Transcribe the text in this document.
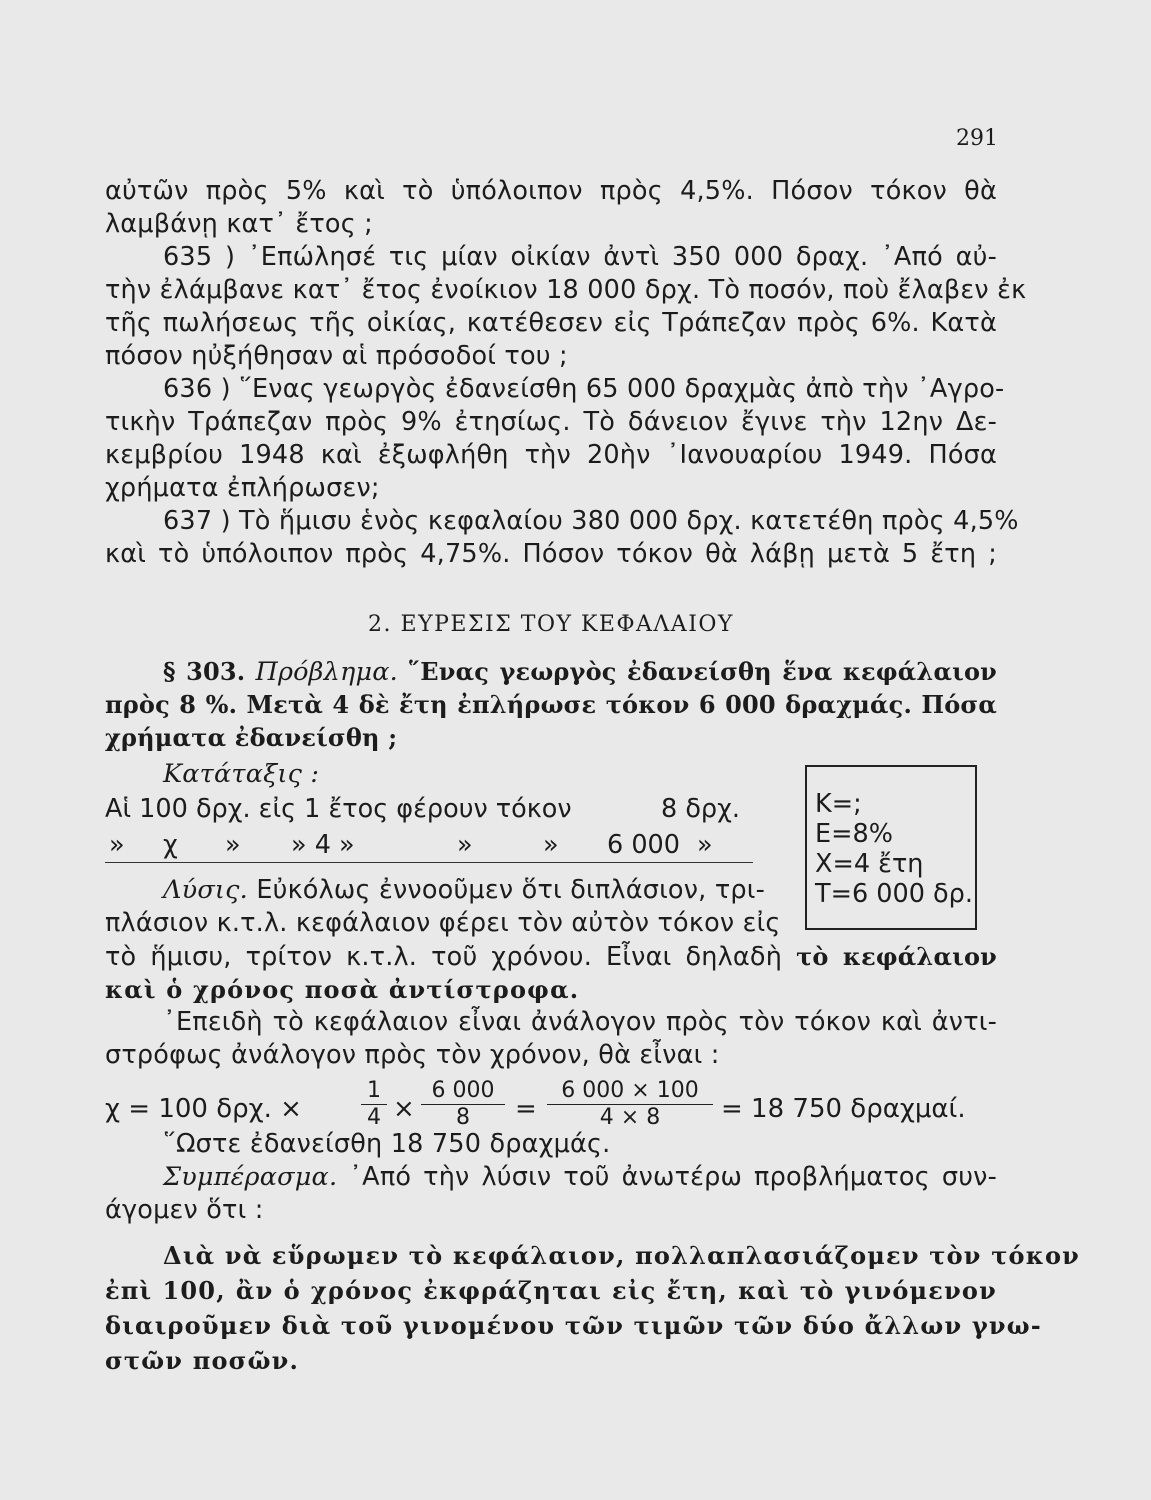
291
αὐτῶν πρὸς 5% καὶ τὸ ὑπόλοιπον πρὸς 4,5%. Πόσον τόκον θὰ
λαμβάνῃ κατ᾽ ἔτος ;
635 ) ᾽Επώλησέ τις μίαν οἰκίαν ἀντὶ 350 000 δραχ. ᾽Από αὐ-
τὴν ἐλάμβανε κατ᾽ ἔτος ἐνοίκιον 18 000 δρχ. Τὸ ποσόν, ποὺ ἔλαβεν ἐκ
τῆς πωλήσεως τῆς οἰκίας, κατέθεσεν εἰς Τράπεζαν πρὸς 6%. Κατὰ
πόσον ηὐξήθησαν αἱ πρόσοδοί του ;
636 ) ῞Ενας γεωργὸς ἐδανείσθη 65 000 δραχμὰς ἀπὸ τὴν ᾽Αγρο-
τικὴν Τράπεζαν πρὸς 9% ἐτησίως. Τὸ δάνειον ἔγινε τὴν 12ην Δε-
κεμβρίου 1948 καὶ ἐξωφλήθη τὴν 20ὴν ᾽Ιανουαρίου 1949. Πόσα
χρήματα ἐπλήρωσεν;
637 ) Τὸ ἥμισυ ἑνὸς κεφαλαίου 380 000 δρχ. κατετέθη πρὸς 4,5%
καὶ τὸ ὑπόλοιπον πρὸς 4,75%. Πόσον τόκον θὰ λάβῃ μετὰ 5 ἔτη ;
2. ΕΥΡΕΣΙΣ ΤΟΥ ΚΕΦΑΛΑΙΟΥ
§ 303. Πρόβλημα. ῞Ενας γεωργὸς ἐδανείσθη ἕνα κεφάλαιον
πρὸς 8 %. Μετὰ 4 δὲ ἔτη ἐπλήρωσε τόκον 6 000 δραχμάς. Πόσα
χρήματα ἐδανείσθη ;
Κατάταξις :
Αἱ 100 δρχ. εἰς 1 ἔτος φέρουν τόκον	8 δρχ.
» χ » » 4 »	»	» 6 000 »
Κ=;
Ε=8%
Χ=4 ἔτη
Τ=6 000 δρ.
Λύσις. Εὐκόλως ἐννοοῦμεν ὅτι διπλάσιον, τρι-
πλάσιον κ.τ.λ. κεφάλαιον φέρει τὸν αὐτὸν τόκον εἰς
τὸ ἥμισυ, τρίτον κ.τ.λ. τοῦ χρόνου. Εἶναι δηλαδὴ τὸ κεφάλαιον
καὶ ὁ χρόνος ποσὰ ἀντίστροφα.
᾽Επειδὴ τὸ κεφάλαιον εἶναι ἀνάλογον πρὸς τὸν τόκον καὶ ἀντι-
στρόφως ἀνάλογον πρὸς τὸν χρόνον, θὰ εἶναι :
χ = 100 δρχ. ×	$\frac{1}{4} \times \frac{6 000}{8} = \frac{6 000 \times 100}{4 \times 8} = 18$ 750 δραχμαί.
῞Ωστε ἐδανείσθη 18 750 δραχμάς.
Συμπέρασμα. ᾽Από τὴν λύσιν τοῦ ἀνωτέρω προβλήματος συν-
άγομεν ὅτι :
Διὰ νὰ εὕρωμεν τὸ κεφάλαιον, πολλαπλασιάζομεν τὸν τόκον
ἐπὶ 100, ἂν ὁ χρόνος ἐκφράζηται εἰς ἔτη, καὶ τὸ γινόμενον
διαιροῦμεν διὰ τοῦ γινομένου τῶν τιμῶν τῶν δύο ἄλλων γνω-
στῶν ποσῶν.
